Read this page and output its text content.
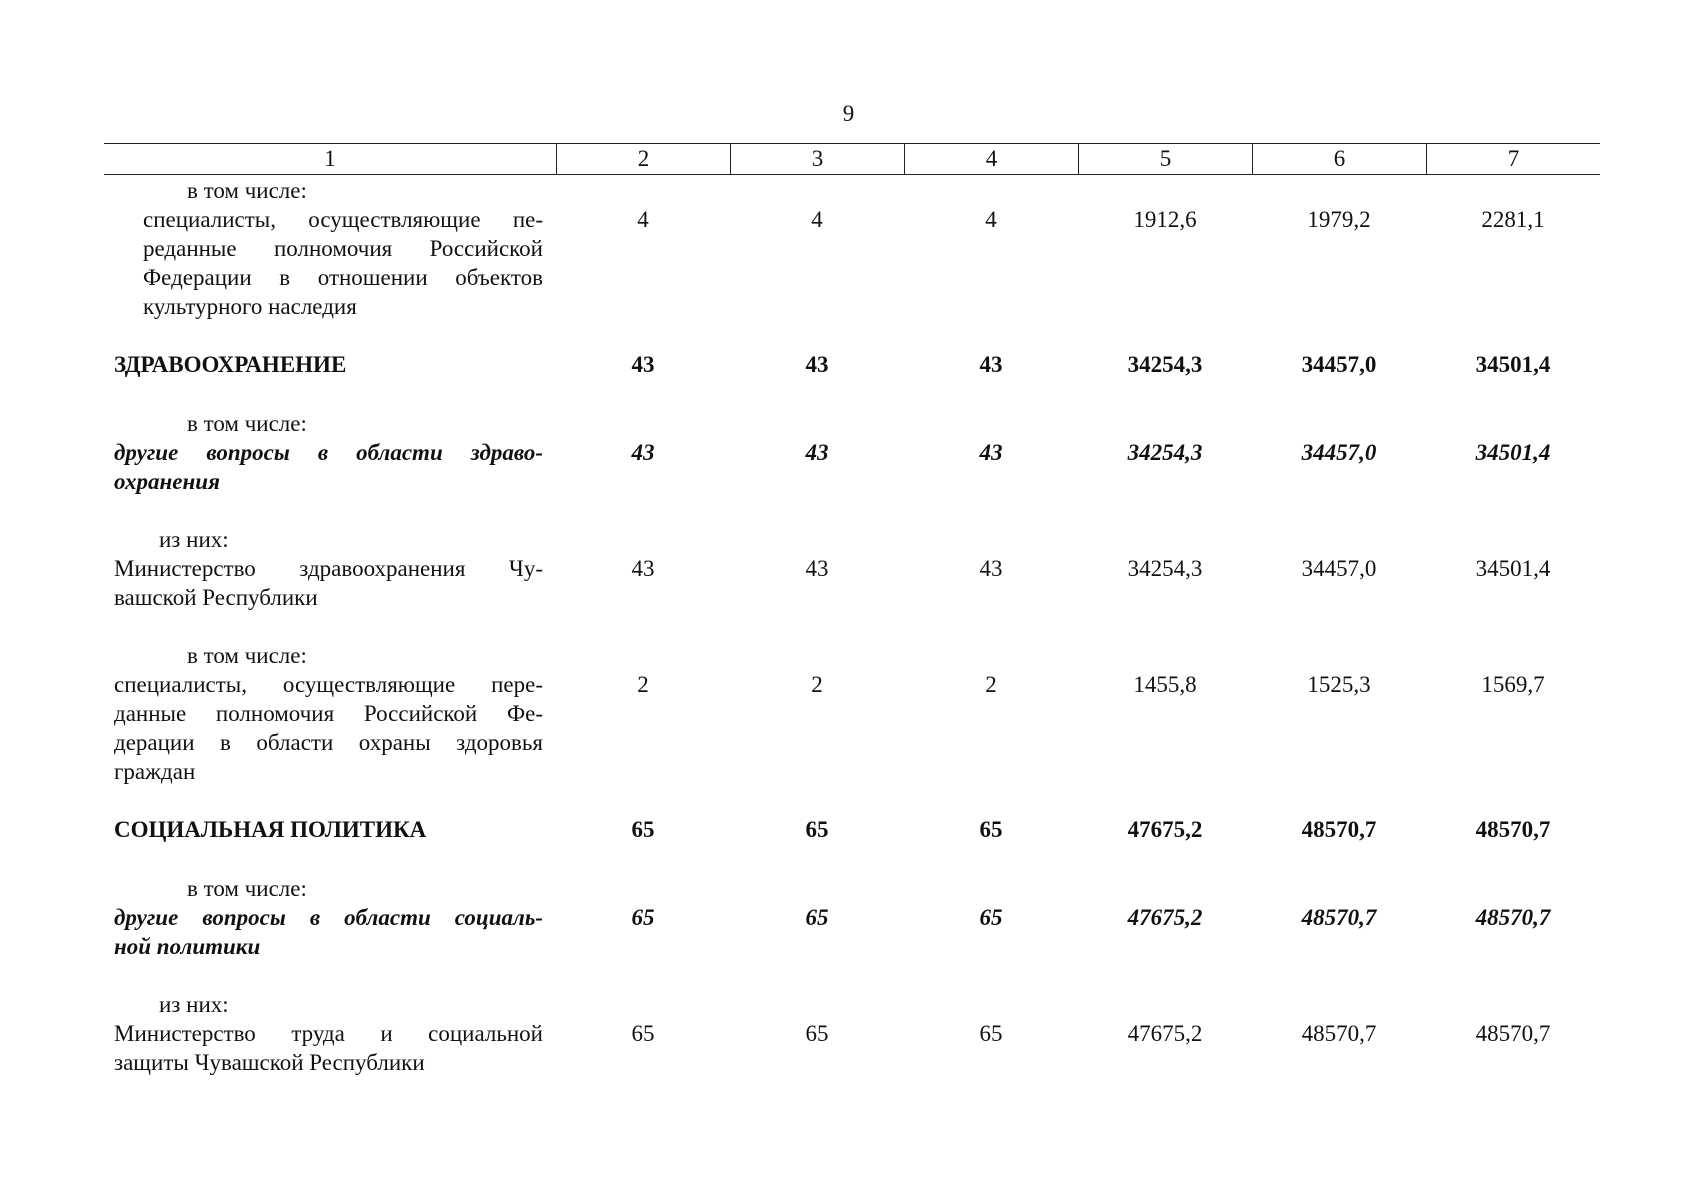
9
1	2	3	4	5	6	7
в том числе:
специалисты, осуществляющие пе-
реданные полномочия Российской
Федерации в отношении объектов
культурного наследия
4	4	4	1912,6	1979,2	2281,1
ЗДРАВООХРАНЕНИЕ	43	43	43	34254,3	34457,0	34501,4
в том числе:
другие вопросы в области здраво-
охранения
43	43	43	34254,3	34457,0	34501,4
из них:
Министерство здравоохранения Чу-
вашской Республики
43	43	43	34254,3	34457,0	34501,4
в том числе:
специалисты, осуществляющие пере-
данные полномочия Российской Фе-
дерации в области охраны здоровья
граждан
2	2	2	1455,8	1525,3	1569,7
СОЦИАЛЬНАЯ ПОЛИТИКА	65	65	65	47675,2	48570,7	48570,7
в том числе:
другие вопросы в области социаль-
ной политики
65	65	65	47675,2	48570,7	48570,7
из них:
Министерство труда и социальной
защиты Чувашской Республики
65	65	65	47675,2	48570,7	48570,7
